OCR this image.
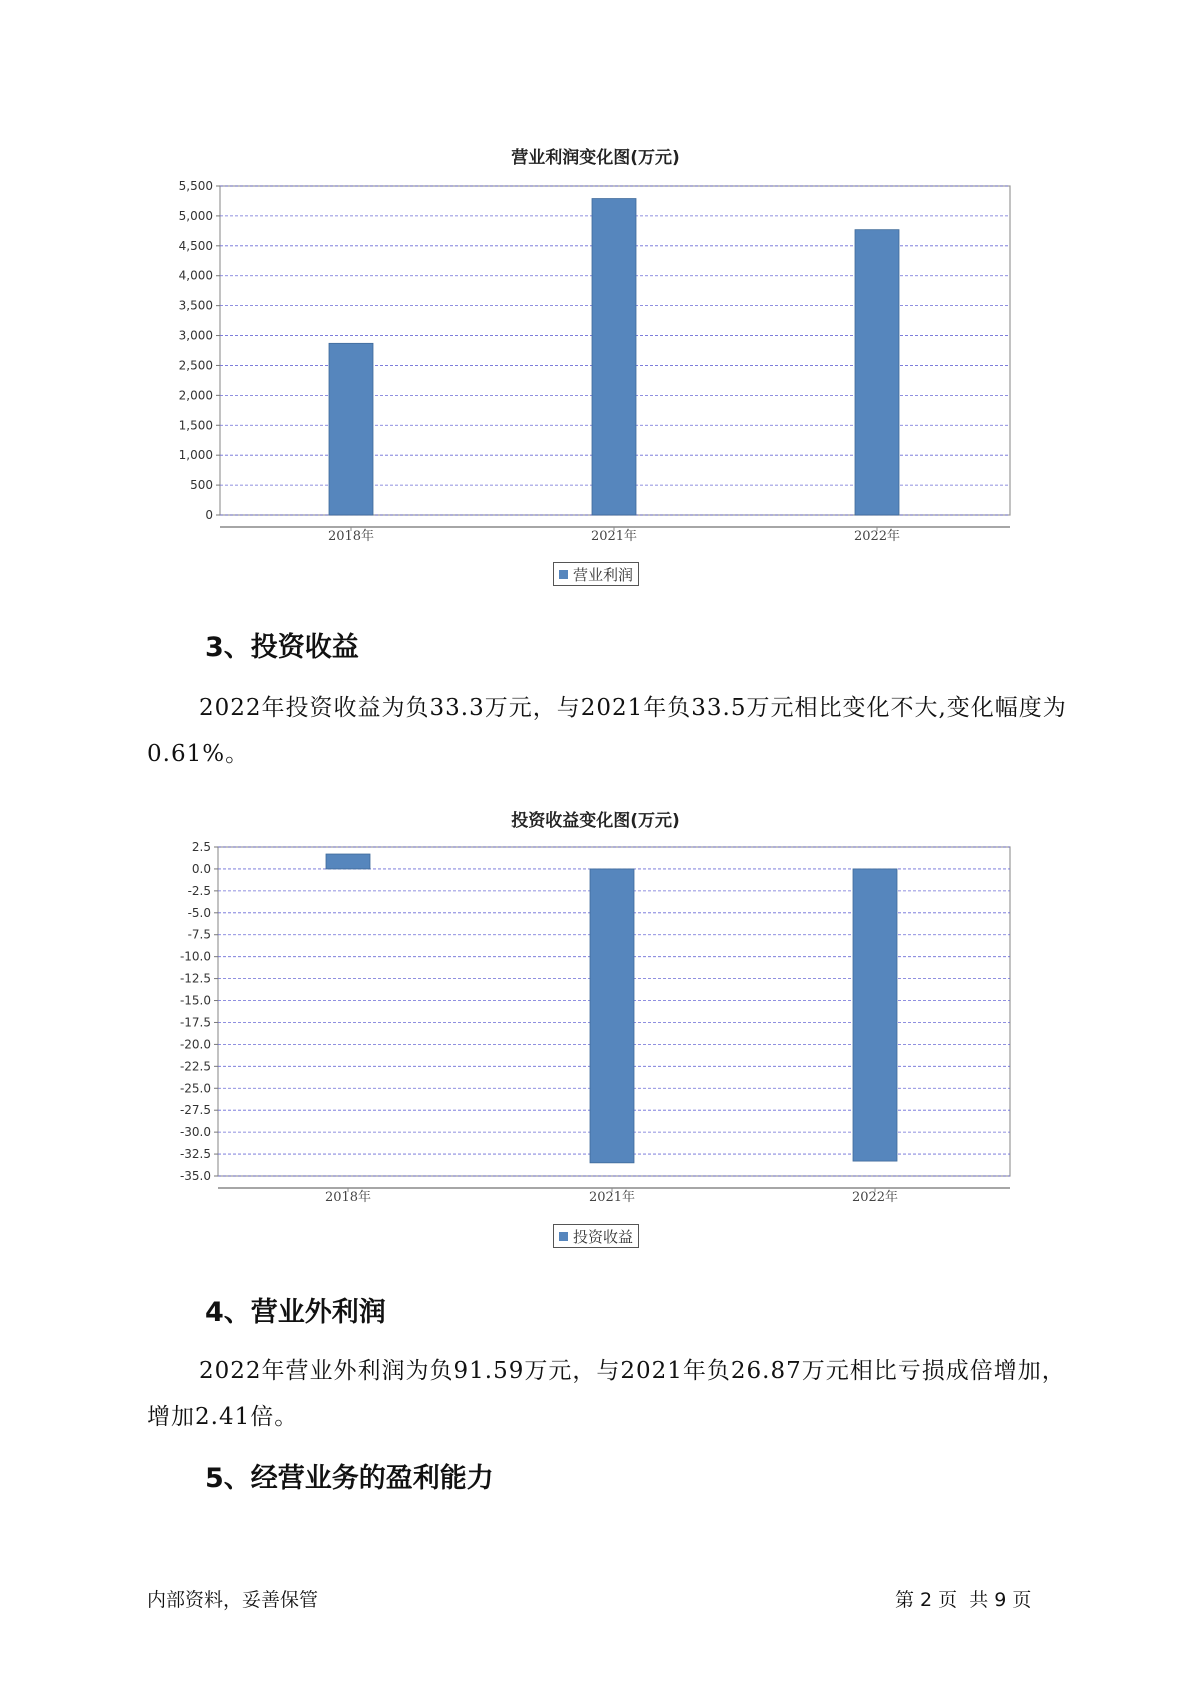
营业利润变化图(万元)
0
500
1,000
1,500
2,000
2,500
3,000
3,500
4,000
4,500
5,000
5,500
2018年	2021年	2022年
营业利润
3、投资收益
2022年投资收益为负33.3万元，与2021年负33.5万元相比变化不大,变化幅度为0.61%。
投资收益变化图(万元)
2.5
0.0
-2.5
-5.0
-7.5
-10.0
-12.5
-15.0
-17.5
-20.0
-22.5
-25.0
-27.5
-30.0
-32.5
-35.0
2018年	2021年	2022年
投资收益
4、营业外利润
2022年营业外利润为负91.59万元，与2021年负26.87万元相比亏损成倍增加，增加2.41倍。
5、经营业务的盈利能力
内部资料，妥善保管	第 2 页  共 9 页
